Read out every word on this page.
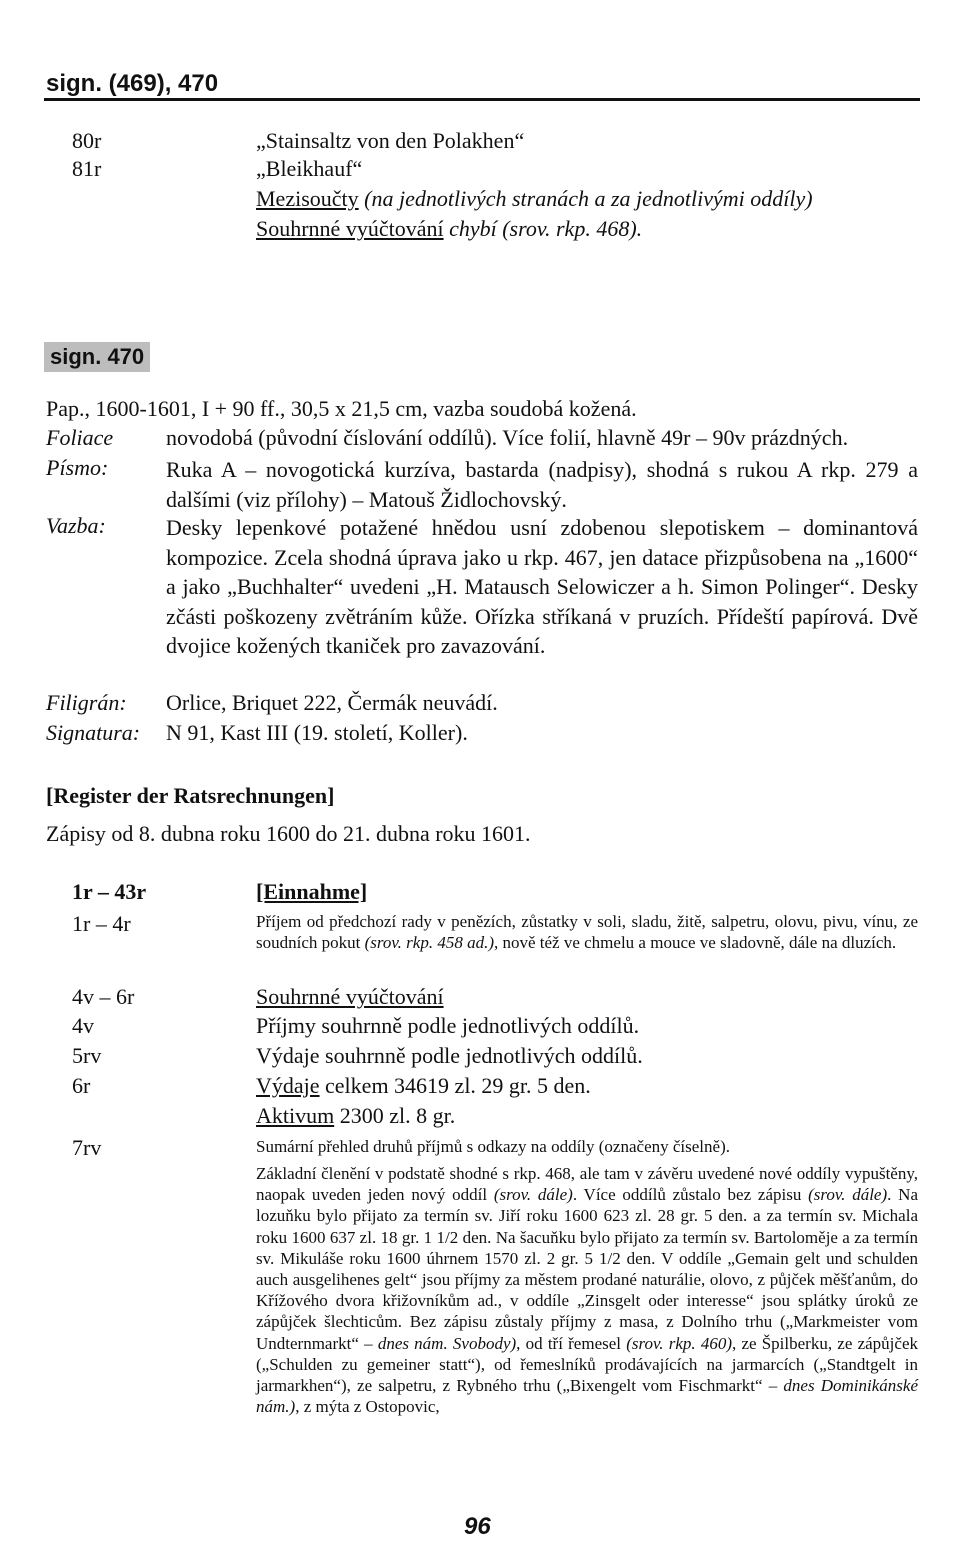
sign. (469), 470
80r	„Stainsaltz von den Polakhen“
81r	„Bleikhauf“
Mezisoučty (na jednotlivých stranách a za jednotlivými oddíly)
Souhrnné vyúčtování chybí (srov. rkp. 468).
sign. 470
Pap., 1600-1601, I + 90 ff., 30,5 x 21,5 cm, vazba soudobá kožená.
Foliace novodobá (původní číslování oddílů). Více folií, hlavně 49r – 90v prázdných.
Písmo:	Ruka A – novogotická kurzíva, bastarda (nadpisy), shodná s rukou A rkp. 279 a dalšími (viz přílohy) – Matouš Židlochovský.
Vazba:	Desky lepenkové potažené hnědou usní zdobenou slepotiskem – dominantová kompozice. Zcela shodná úprava jako u rkp. 467, jen datace přizpůsobena na „1600“ a jako „Buchhalter“ uvedeni „H. Matausch Selowiczer a h. Simon Polinger“. Desky zčásti poškozeny zvětráním kůže. Ořízka stříkaná v pruzích. Přídeští papírová. Dvě dvojice kožených tkaniček pro zavazování.
Filigrán: Orlice, Briquet 222, Čermák neuvádí.
Signatura: N 91, Kast III (19. století, Koller).
[Register der Ratsrechnungen]
Zápisy od 8. dubna roku 1600 do 21. dubna roku 1601.
1r – 43r	[Einnahme]
1r – 4r	Příjem od předchozí rady v penězích, zůstatky v soli, sladu, žitě, salpetru, olovu, pivu, vínu, ze soudních pokut (srov. rkp. 458 ad.), nově též ve chmelu a mouce ve sladovně, dále na dluzích.
4v – 6r	Souhrnné vyúčtování
4v	Příjmy souhrnně podle jednotlivých oddílů.
5rv	Výdaje souhrnně podle jednotlivých oddílů.
6r	Výdaje celkem 34619 zl. 29 gr. 5 den.
Aktivum 2300 zl. 8 gr.
7rv	Sumární přehled druhů příjmů s odkazy na oddíly (označeny číselně).
Základní členění v podstatě shodné s rkp. 468, ale tam v závěru uvedené nové oddíly vypuštěny, naopak uveden jeden nový oddíl (srov. dále). Více oddílů zůstalo bez zápisu (srov. dále). Na lozuňku bylo přijato za termín sv. Jiří roku 1600 623 zl. 28 gr. 5 den. a za termín sv. Michala roku 1600 637 zl. 18 gr. 1 1/2 den. Na šacuňku bylo přijato za termín sv. Bartoloměje a za termín sv. Mikuláše roku 1600 úhrnem 1570 zl. 2 gr. 5 1/2 den. V oddíle „Gemain gelt und schulden auch ausgelihenes gelt“ jsou příjmy za městem prodané naturálie, olovo, z půjček měšťanům, do Křížového dvora křižovníkům ad., v oddíle „Zinsgelt oder interesse“ jsou splátky úroků ze zápůjček šlechticům. Bez zápisu zůstaly příjmy z masa, z Dolního trhu („Markmeister vom Undternmarkt“ – dnes nám. Svobody), od tří řemesel (srov. rkp. 460), ze Špilberku, ze zápůjček („Schulden zu gemeiner statt“), od řemeslníků prodávajících na jarmarcích („Standtgelt in jarmarkhen“), ze salpetru, z Rybného trhu („Bixengelt vom Fischmarkt“ – dnes Dominikánské nám.), z mýta z Ostopovic,
96
